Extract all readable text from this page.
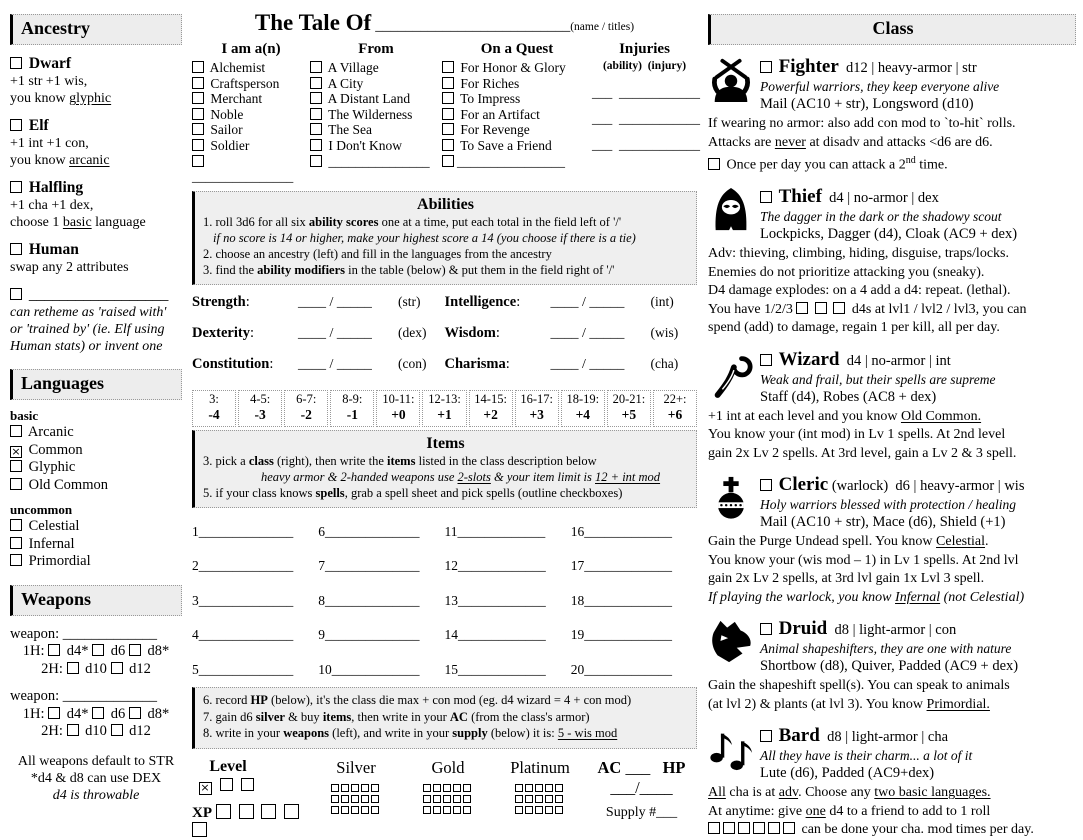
Ancestry
Dwarf
+1 str +1 wis,
you know glyphic
Elf
+1 int +1 con,
you know arcanic
Halfling
+1 cha +1 dex,
choose 1 basic language
Human
swap any 2 attributes
__________________
can retheme as 'raised with' or 'trained by' (ie. Elf using Human stats) or invent one
Languages
basic
Arcanic
× Common
Glyphic
Old Common
uncommon
Celestial
Infernal
Primordial
Weapons
weapon: _____________
1H:  d4*  d6  d8*
2H:  d10  d12
weapon: _____________
1H:  d4*  d6  d8*
2H:  d10  d12
All weapons default to STR
*d4 & d8 can use DEX
d4 is throwable
The Tale Of __________________________ (name / titles)
I am a(n)
Alchemist
Craftsperson
Merchant
Noble
Sailor
Soldier
_______________
From
A Village
A City
A Distant Land
The Wilderness
The Sea
I Don't Know
_______________
On a Quest
For Honor & Glory
For Riches
To Impress
For an Artifact
For Revenge
To Save a Friend
________________
Injuries
(ability)  (injury)
___  ____________
___  ____________
___  ____________
Abilities
1. roll 3d6 for all six ability scores one at a time, put each total in the field left of '/'
if no score is 14 or higher, make your highest score a 14 (you choose if there is a tie)
2. choose an ancestry (left) and fill in the languages from the ancestry
3. find the ability modifiers in the table (below) & put them in the field right of '/'
Strength:	____ / _____	(str)
Dexterity:	____ / _____	(dex)
Constitution:	____ / _____	(con)
Intelligence:	____ / _____	(int)
Wisdom:	____ / _____	(wis)
Charisma:	____ / _____	(cha)
3:
-4
4-5:
-3
6-7:
-2
8-9:
-1
10-11:
+0
12-13:
+1
14-15:
+2
16-17:
+3
18-19:
+4
20-21:
+5
22+:
+6
Items
3. pick a class (right), then write the items listed in the class description below
heavy armor & 2-handed weapons use 2-slots & your item limit is 12 + int mod
5. if your class knows spells, grab a spell sheet and pick spells (outline checkboxes)
1______________
2______________
3______________
4______________
5______________
6______________
7______________
8______________
9______________
10_____________
11_____________
12_____________
13_____________
14_____________
15_____________
16_____________
17_____________
18_____________
19_____________
20_____________
6. record HP (below), it's the class die max + con mod (eg. d4 wizard = 4 + con mod)
7. gain d6 silver & buy items, then write in your AC (from the class's armor)
8. write in your weapons (left), and write in your supply (below) it is: 5 - wis mod
Level
×
XP
Silver	Gold	Platinum	AC ___   HP ___/____
Supply #___
Class
Fighter  d12 | heavy-armor | str
Powerful warriors, they keep everyone alive
Mail (AC10 + str), Longsword (d10)
If wearing no armor: also add con mod to `to-hit` rolls.
Attacks are never at disadv and attacks <d6 are d6.
Once per day you can attack a 2nd time.
Thief  d4 | no-armor | dex
The dagger in the dark or the shadowy scout
Lockpicks, Dagger (d4), Cloak (AC9 + dex)
Adv: thieving, climbing, hiding, disguise, traps/locks.
Enemies do not prioritize attacking you (sneaky).
D4 damage explodes: on a 4 add a d4: repeat. (lethal).
You have 1/2/3	d4s at lvl1 / lvl2 / lvl3, you can
spend (add) to damage, regain 1 per kill, all per day.
Wizard  d4 | no-armor | int
Weak and frail, but their spells are supreme
Staff (d4), Robes (AC8 + dex)
+1 int at each level and you know Old Common.
You know your (int mod) in Lv 1 spells. At 2nd level
gain 2x Lv 2 spells. At 3rd level, gain a Lv 2 & 3 spell.
Cleric (warlock)  d6 | heavy-armor | wis
Holy warriors blessed with protection / healing
Mail (AC10 + str), Mace (d6), Shield (+1)
Gain the Purge Undead spell. You know Celestial.
You know your (wis mod – 1) in Lv 1 spells. At 2nd lvl
gain 2x Lv 2 spells, at 3rd lvl gain 1x Lvl 3 spell.
If playing the warlock, you know Infernal (not Celestial)
Druid  d8 | light-armor | con
Animal shapeshifters, they are one with nature
Shortbow (d8), Quiver, Padded (AC9 + dex)
Gain the shapeshift spell(s). You can speak to animals
(at lvl 2) & plants (at lvl 3). You know Primordial.
Bard  d8 | light-armor | cha
All they have is their charm... a lot of it
Lute (d6), Padded (AC9+dex)
All cha is at adv. Choose any two basic languages.
At anytime: give one d4 to a friend to add to 1 roll
can be done your cha. mod times per day.
